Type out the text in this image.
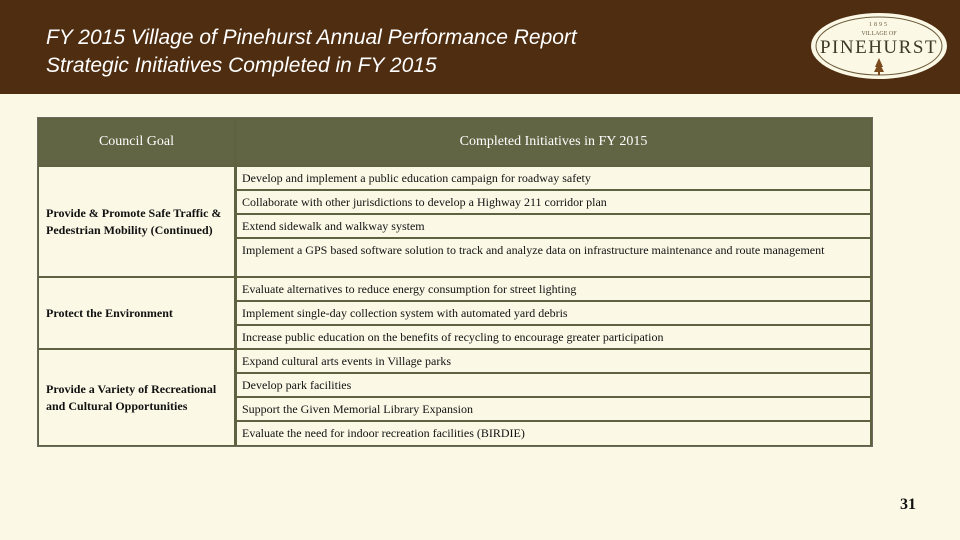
FY 2015 Village of Pinehurst Annual Performance Report
Strategic Initiatives Completed in FY 2015
1895
VILLAGE OF
PINEHURST
Council Goal	Completed Initiatives in FY 2015
Provide & Promote Safe Traffic & Pedestrian Mobility (Continued)
Develop and implement a public education campaign for roadway safety
Collaborate with other jurisdictions to develop a Highway 211 corridor plan
Extend sidewalk and walkway system
Implement a GPS based software solution to track and analyze data on infrastructure maintenance and route management
Protect the Environment
Evaluate alternatives to reduce energy consumption for street lighting
Implement single-day collection system with automated yard debris
Increase public education on the benefits of recycling to encourage greater participation
Provide a Variety of Recreational and Cultural Opportunities
Expand cultural arts events in Village parks
Develop park facilities
Support the Given Memorial Library Expansion
Evaluate the need for indoor recreation facilities (BIRDIE)
31
